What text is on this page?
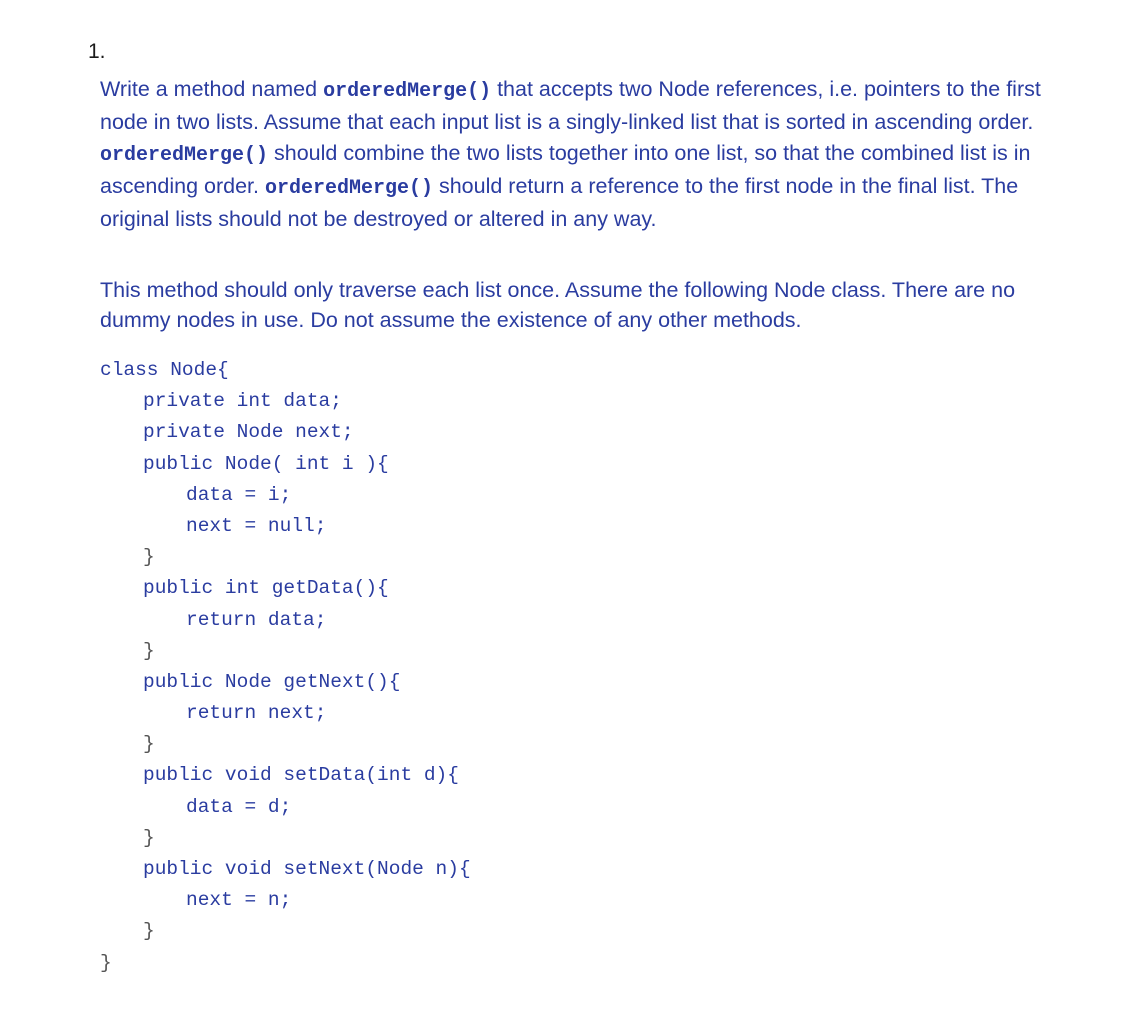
1.

Write a method named orderedMerge() that accepts two Node references, i.e. pointers to the first node in two lists. Assume that each input list is a singly-linked list that is sorted in ascending order. orderedMerge() should combine the two lists together into one list, so that the combined list is in ascending order. orderedMerge() should return a reference to the first node in the final list. The original lists should not be destroyed or altered in any way.

This method should only traverse each list once. Assume the following Node class. There are no dummy nodes in use. Do not assume the existence of any other methods.

class Node{
private int data;
private Node next;
public Node( int i ){
data = i;
next = null;
}
public int getData(){
return data;
}
public Node getNext(){
return next;
}
public void setData(int d){
data = d;
}
public void setNext(Node n){
next = n;
}
}
